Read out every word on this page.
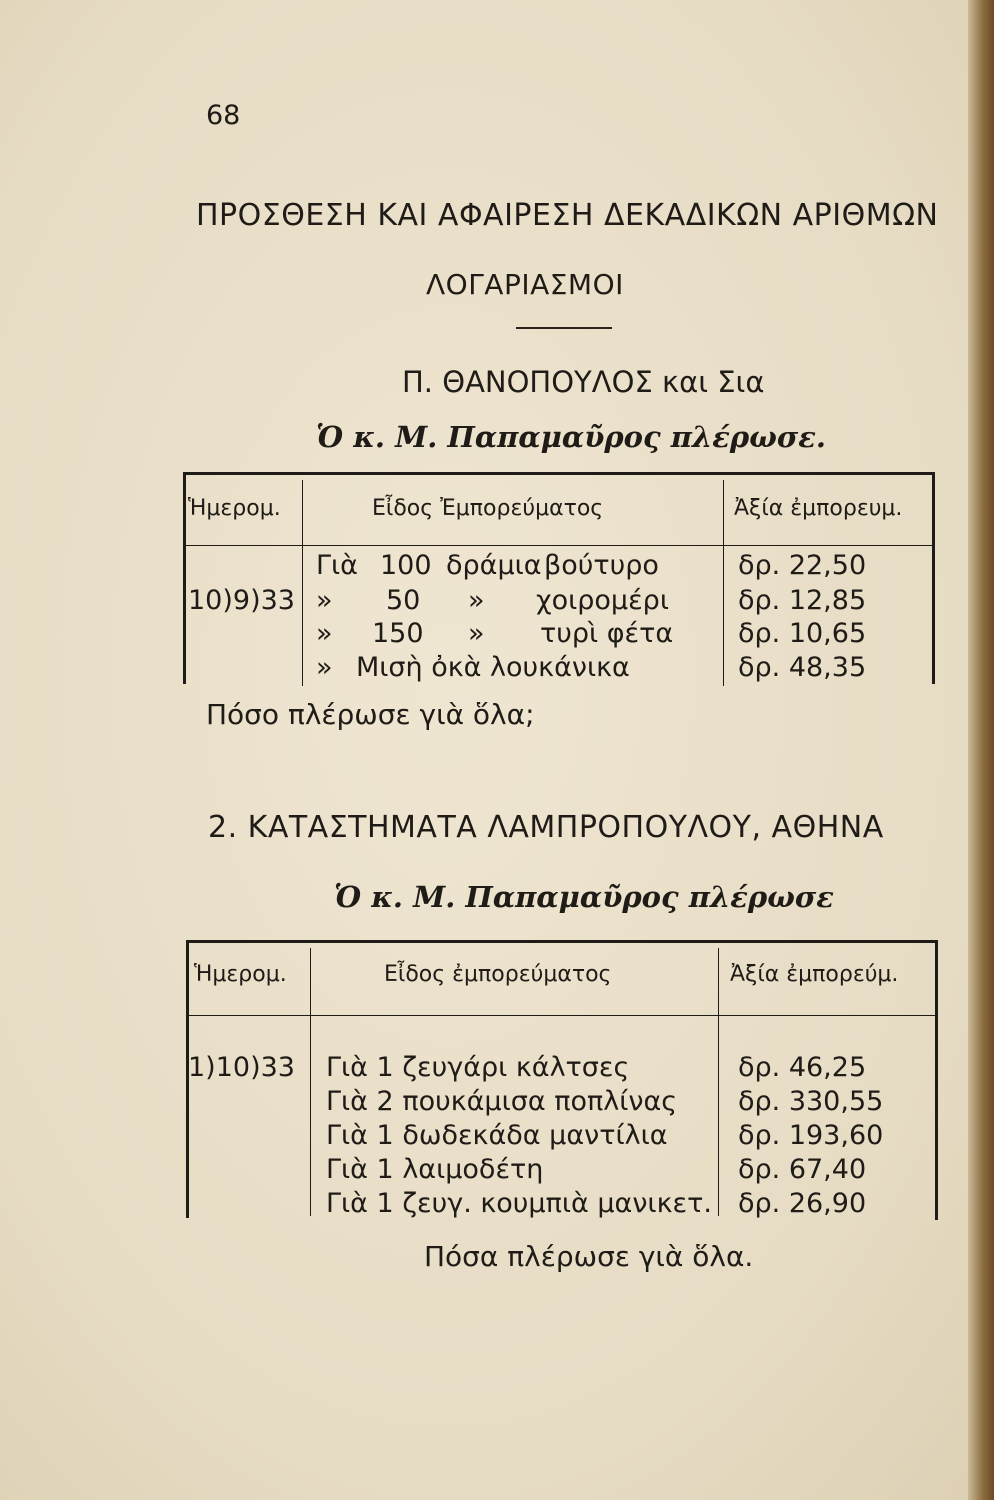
68
ΠΡΟΣΘΕΣΗ ΚΑΙ ΑΦΑΙΡΕΣΗ ΔΕΚΑΔΙΚΩΝ ΑΡΙΘΜΩΝ
ΛΟΓΑΡΙΑΣΜΟΙ
Π. ΘΑΝΟΠΟΥΛΟΣ και Σια
Ὁ κ. Μ. Παπαμαῦρος πλέρωσε.
Ἡμερομ.	Εἶδος Ἐμπορεύματος	Ἀξία ἐμπορευμ.
10)9)33
Γιὰ 100 δράμια βούτυρο	δρ. 22,50
» 50 » χοιρομέρι	δρ. 12,85
» 150 » τυρὶ φέτα δρ. 10,65
» Μισὴ ὀκὰ λουκάνικα	δρ. 48,35
Πόσο πλέρωσε γιὰ ὅλα;
2. ΚΑΤΑΣΤΗΜΑΤΑ ΛΑΜΠΡΟΠΟΥΛΟΥ, ΑΘΗΝΑ
Ὁ κ. Μ. Παπαμαῦρος πλέρωσε
Ἡμερομ.	Εἶδος ἐμπορεύματος	Ἀξία ἐμπορεύμ.
1)10)33 Γιὰ 1 ζευγάρι κάλτσες	δρ. 46,25
Γιὰ 2 πουκάμισα ποπλίνας δρ. 330,55
Γιὰ 1 δωδεκάδα μαντίλια	δρ. 193,60
Γιὰ 1 λαιμοδέτη	δρ. 67,40
Γιὰ 1 ζευγ. κουμπιὰ μανικετ. δρ. 26,90
Πόσα πλέρωσε γιὰ ὅλα.
